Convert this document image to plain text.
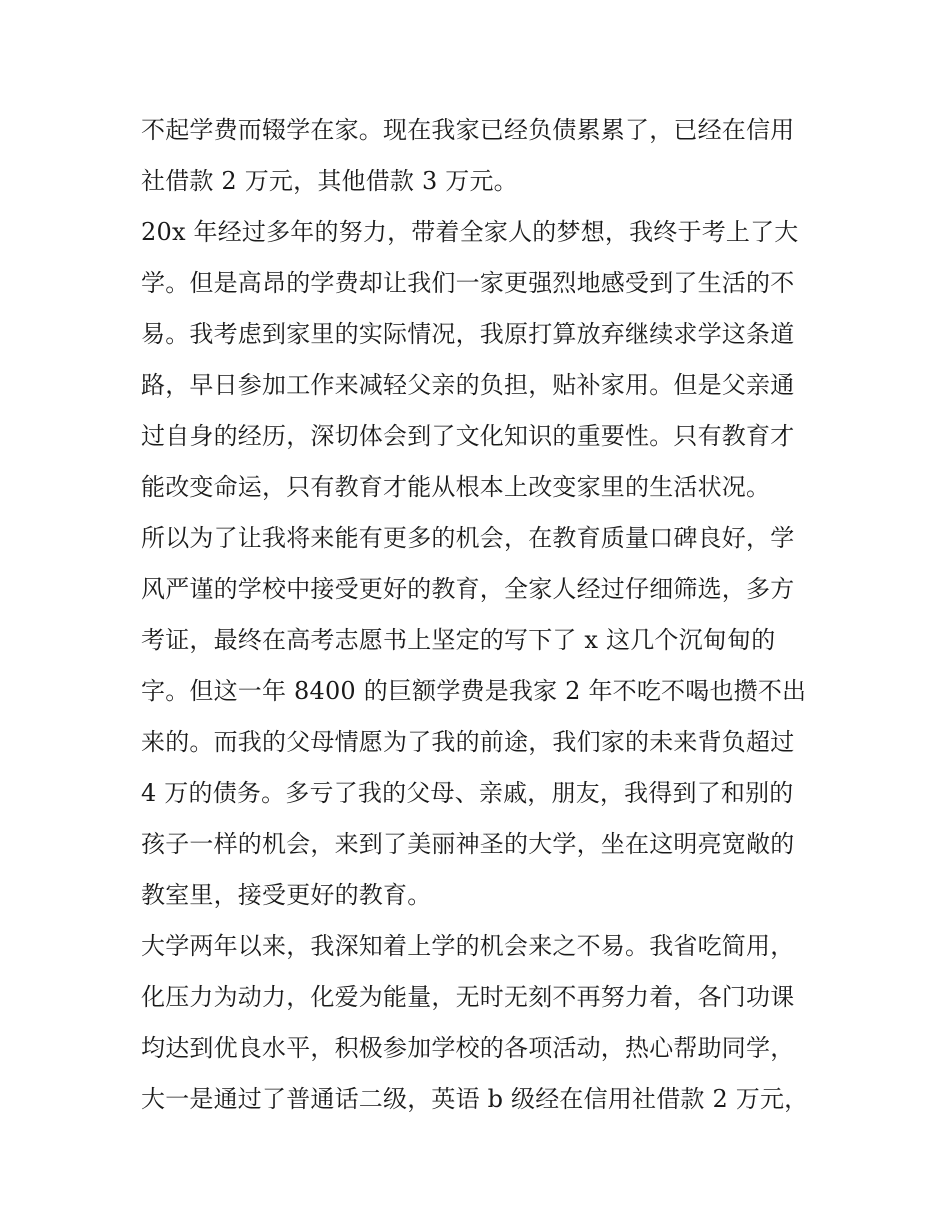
不起学费而辍学在家。现在我家已经负债累累了，已经在信用
社借款 2 万元，其他借款 3 万元。
20x 年经过多年的努力，带着全家人的梦想，我终于考上了大
学。但是高昂的学费却让我们一家更强烈地感受到了生活的不
易。我考虑到家里的实际情况，我原打算放弃继续求学这条道
路，早日参加工作来减轻父亲的负担，贴补家用。但是父亲通
过自身的经历，深切体会到了文化知识的重要性。只有教育才
能改变命运，只有教育才能从根本上改变家里的生活状况。
所以为了让我将来能有更多的机会，在教育质量口碑良好，学
风严谨的学校中接受更好的教育，全家人经过仔细筛选，多方
考证，最终在高考志愿书上坚定的写下了 x 这几个沉甸甸的
字。但这一年 8400 的巨额学费是我家 2 年不吃不喝也攒不出
来的。而我的父母情愿为了我的前途，我们家的未来背负超过
4 万的债务。多亏了我的父母、亲戚，朋友，我得到了和别的
孩子一样的机会，来到了美丽神圣的大学，坐在这明亮宽敞的
教室里，接受更好的教育。
大学两年以来，我深知着上学的机会来之不易。我省吃简用，
化压力为动力，化爱为能量，无时无刻不再努力着，各门功课
均达到优良水平，积极参加学校的各项活动，热心帮助同学，
大一是通过了普通话二级，英语 b 级经在信用社借款 2 万元，
